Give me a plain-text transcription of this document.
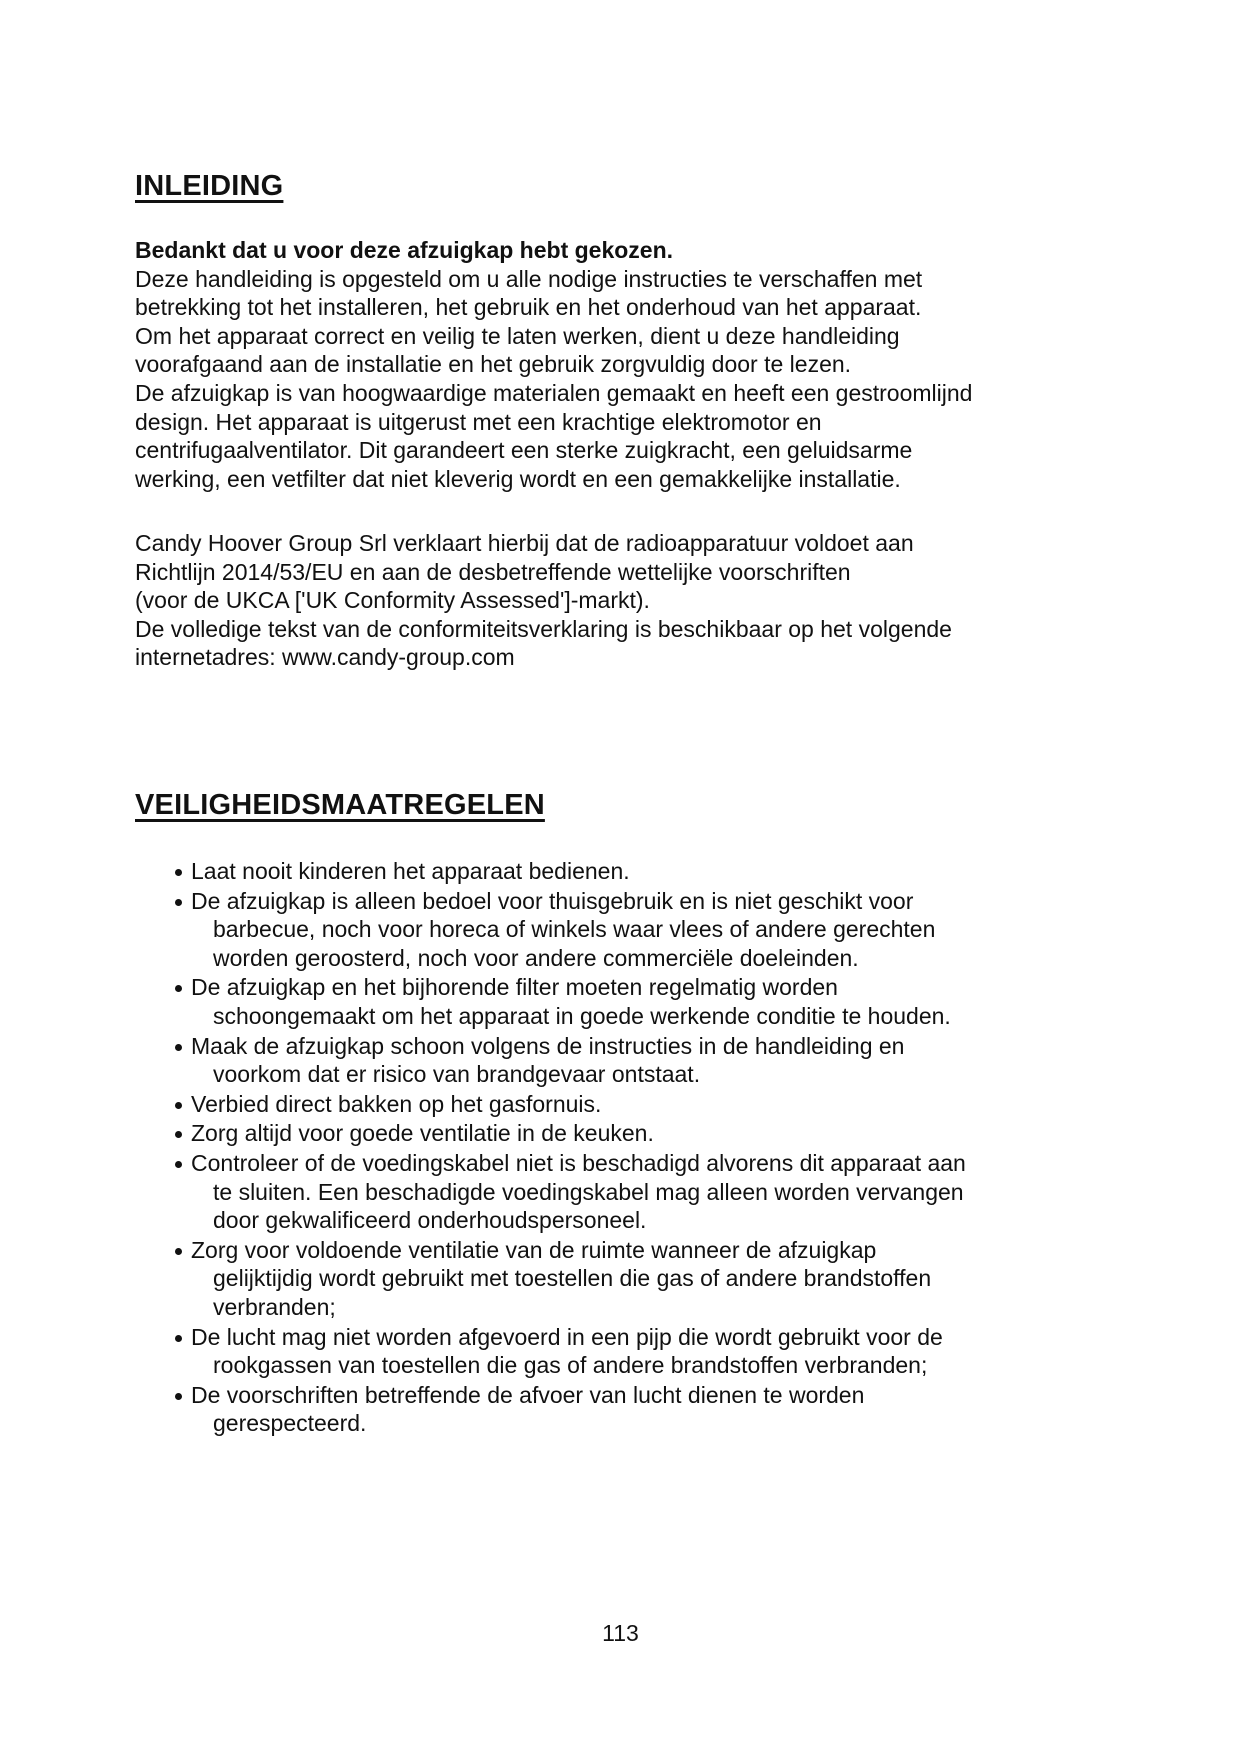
INLEIDING

Bedankt dat u voor deze afzuigkap hebt gekozen.

Deze handleiding is opgesteld om u alle nodige instructies te verschaffen met

betrekking tot het installeren, het gebruik en het onderhoud van het apparaat.

Om het apparaat correct en veilig te laten werken, dient u deze handleiding

voorafgaand aan de installatie en het gebruik zorgvuldig door te lezen.

De afzuigkap is van hoogwaardige materialen gemaakt en heeft een gestroomlijnd

design. Het apparaat is uitgerust met een krachtige elektromotor en

centrifugaalventilator. Dit garandeert een sterke zuigkracht, een geluidsarme

werking, een vetfilter dat niet kleverig wordt en een gemakkelijke installatie.

Candy Hoover Group Srl verklaart hierbij dat de radioapparatuur voldoet aan

Richtlijn 2014/53/EU en aan de desbetreffende wettelijke voorschriften

(voor de UKCA ['UK Conformity Assessed']-markt).

De volledige tekst van de conformiteitsverklaring is beschikbaar op het volgende

internetadres: www.candy-group.com

VEILIGHEIDSMAATREGELEN
Laat nooit kinderen het apparaat bedienen.
De afzuigkap is alleen bedoel voor thuisgebruik en is niet geschikt voor
barbecue, noch voor horeca of winkels waar vlees of andere gerechten
worden geroosterd, noch voor andere commerciële doeleinden.
De afzuigkap en het bijhorende filter moeten regelmatig worden
schoongemaakt om het apparaat in goede werkende conditie te houden.
Maak de afzuigkap schoon volgens de instructies in de handleiding en
voorkom dat er risico van brandgevaar ontstaat.
Verbied direct bakken op het gasfornuis.
Zorg altijd voor goede ventilatie in de keuken.
Controleer of de voedingskabel niet is beschadigd alvorens dit apparaat aan
te sluiten. Een beschadigde voedingskabel mag alleen worden vervangen
door gekwalificeerd onderhoudspersoneel.
Zorg voor voldoende ventilatie van de ruimte wanneer de afzuigkap
gelijktijdig wordt gebruikt met toestellen die gas of andere brandstoffen
verbranden;
De lucht mag niet worden afgevoerd in een pijp die wordt gebruikt voor de
rookgassen van toestellen die gas of andere brandstoffen verbranden;
De voorschriften betreffende de afvoer van lucht dienen te worden
gerespecteerd.
113
